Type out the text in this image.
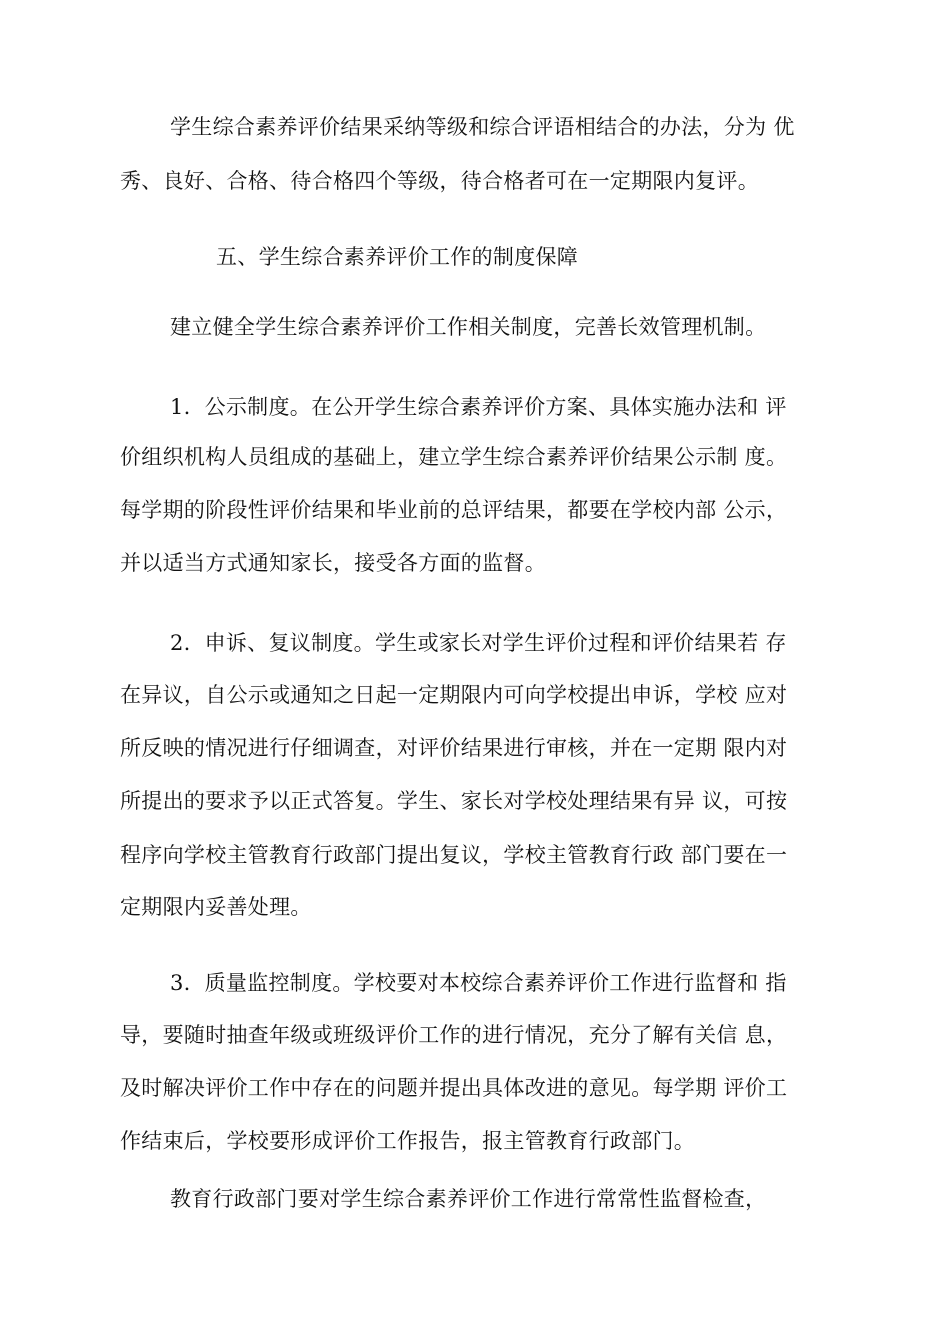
学生综合素养评价结果采纳等级和综合评语相结合的办法，分为 优
秀、良好、合格、待合格四个等级，待合格者可在一定期限内复评。
五、学生综合素养评价工作的制度保障
建立健全学生综合素养评价工作相关制度，完善长效管理机制。
1.  公示制度。在公开学生综合素养评价方案、具体实施办法和 评
价组织机构人员组成的基础上，建立学生综合素养评价结果公示制 度。
每学期的阶段性评价结果和毕业前的总评结果，都要在学校内部 公示，
并以适当方式通知家长，接受各方面的监督。
2.  申诉、复议制度。学生或家长对学生评价过程和评价结果若 存
在异议，自公示或通知之日起一定期限内可向学校提出申诉，学校 应对
所反映的情况进行仔细调查，对评价结果进行审核，并在一定期 限内对
所提出的要求予以正式答复。学生、家长对学校处理结果有异 议，可按
程序向学校主管教育行政部门提出复议，学校主管教育行政 部门要在一
定期限内妥善处理。
3.  质量监控制度。学校要对本校综合素养评价工作进行监督和 指
导，要随时抽查年级或班级评价工作的进行情况，充分了解有关信 息，
及时解决评价工作中存在的问题并提出具体改进的意见。每学期 评价工
作结束后，学校要形成评价工作报告，报主管教育行政部门。
教育行政部门要对学生综合素养评价工作进行常常性监督检查，
